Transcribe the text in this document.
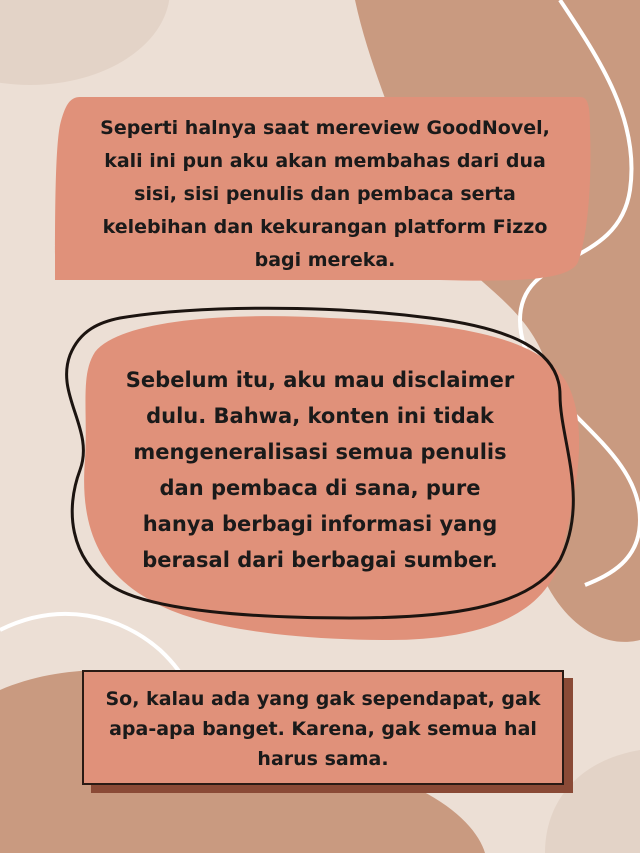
Seperti halnya saat mereview GoodNovel,
kali ini pun aku akan membahas dari dua
sisi, sisi penulis dan pembaca serta
kelebihan dan kekurangan platform Fizzo
bagi mereka.

Sebelum itu, aku mau disclaimer
dulu. Bahwa, konten ini tidak
mengeneralisasi semua penulis
dan pembaca di sana, pure
hanya berbagi informasi yang
berasal dari berbagai sumber.

So, kalau ada yang gak sependapat, gak
apa-apa banget. Karena, gak semua hal
harus sama.
